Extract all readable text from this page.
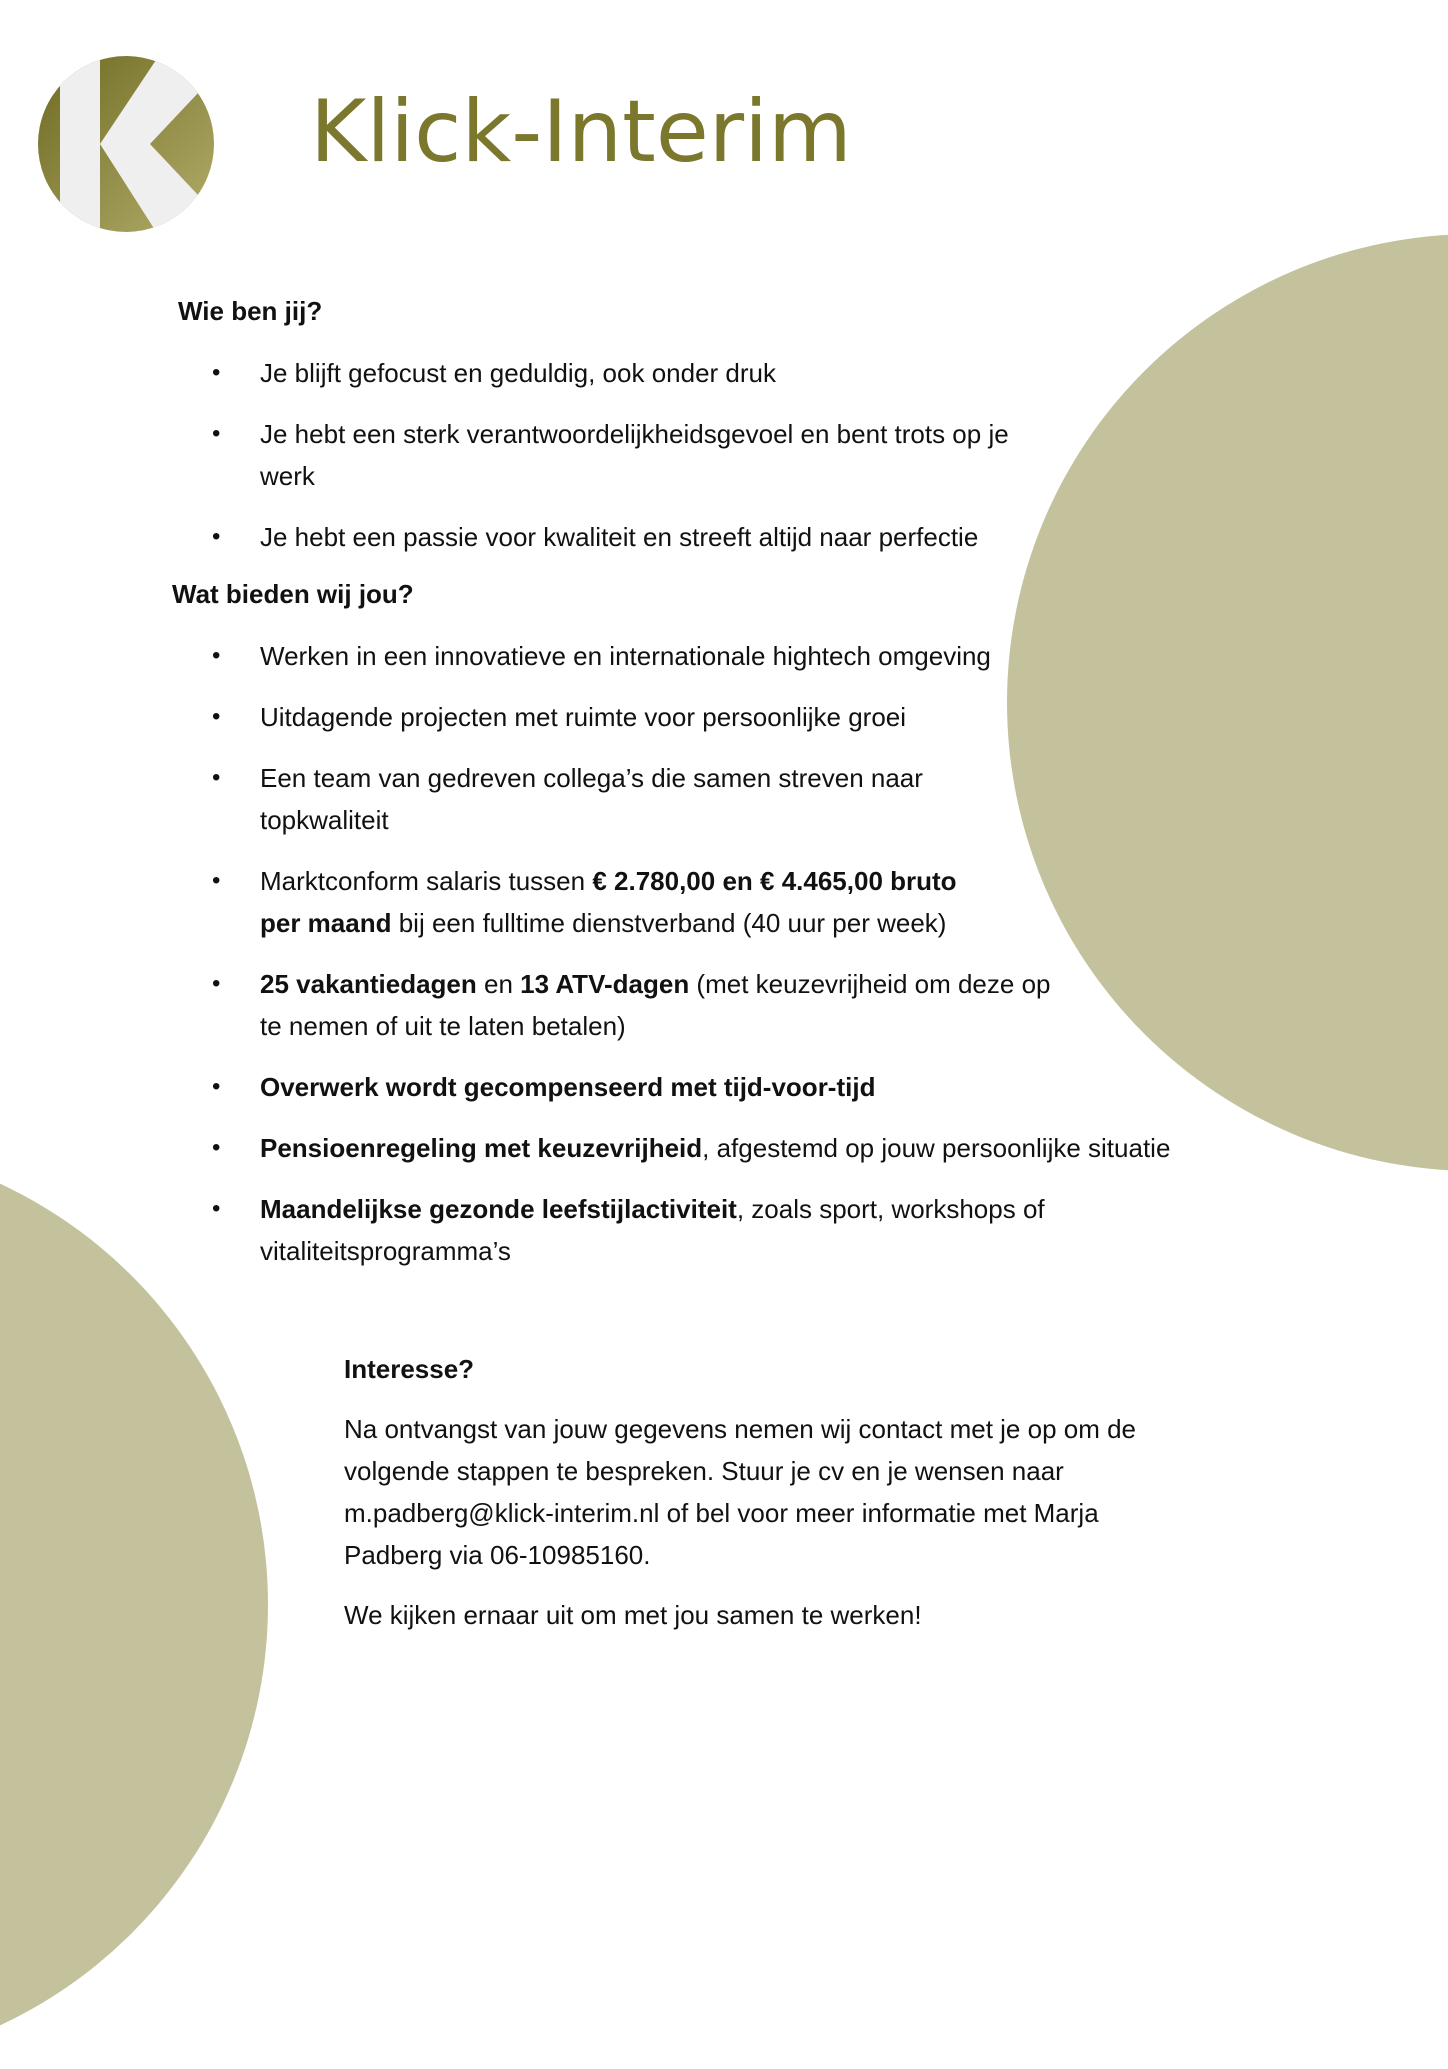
Klick-Interim
Wie ben jij?
• Je blijft gefocust en geduldig, ook onder druk
• Je hebt een sterk verantwoordelijkheidsgevoel en bent trots op je
werk
• Je hebt een passie voor kwaliteit en streeft altijd naar perfectie
Wat bieden wij jou?
• Werken in een innovatieve en internationale hightech omgeving
• Uitdagende projecten met ruimte voor persoonlijke groei
• Een team van gedreven collega’s die samen streven naar
topkwaliteit
• Marktconform salaris tussen € 2.780,00 en € 4.465,00 bruto
per maand bij een fulltime dienstverband (40 uur per week)
• 25 vakantiedagen en 13 ATV-dagen (met keuzevrijheid om deze op
te nemen of uit te laten betalen)
• Overwerk wordt gecompenseerd met tijd-voor-tijd
• Pensioenregeling met keuzevrijheid, afgestemd op jouw persoonlijke situatie
• Maandelijkse gezonde leefstijlactiviteit, zoals sport, workshops of
vitaliteitsprogramma’s
Interesse?

Na ontvangst van jouw gegevens nemen wij contact met je op om de
volgende stappen te bespreken. Stuur je cv en je wensen naar
m.padberg@klick-interim.nl of bel voor meer informatie met Marja
Padberg via 06-10985160.

We kijken ernaar uit om met jou samen te werken!
